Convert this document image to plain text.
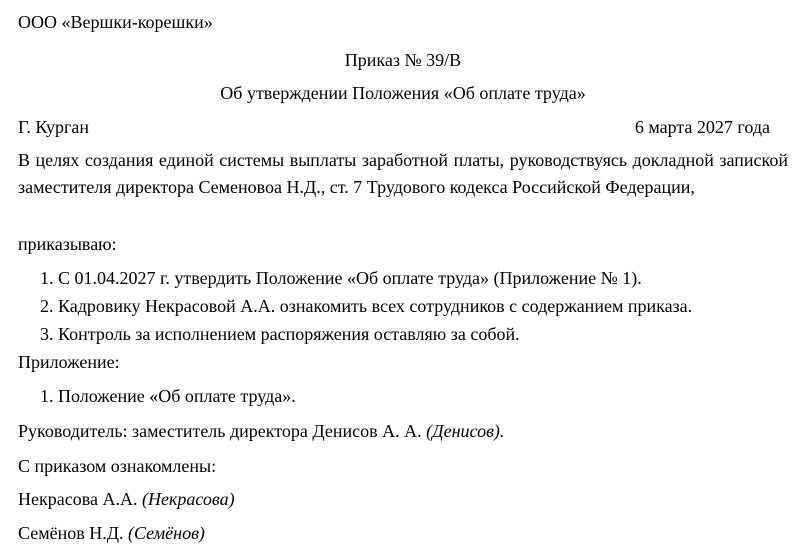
ООО «Вершки-корешки»
Приказ № 39/В
Об утверждении Положения «Об оплате труда»
Г. Курган	6 марта 2027 года
В целях создания единой системы выплаты заработной платы, руководствуясь докладной запиской заместителя директора Семеновоа Н.Д., ст. 7 Трудового кодекса Российской Федерации,
приказываю:
1. С 01.04.2027 г. утвердить Положение «Об оплате труда» (Приложение № 1).
2. Кадровику Некрасовой А.А. ознакомить всех сотрудников с содержанием приказа.
3. Контроль за исполнением распоряжения оставляю за собой.
Приложение:
1. Положение «Об оплате труда».
Руководитель: заместитель директора Денисов А. А. (Денисов).
С приказом ознакомлены:
Некрасова А.А. (Некрасова)
Семёнов Н.Д. (Семёнов)
